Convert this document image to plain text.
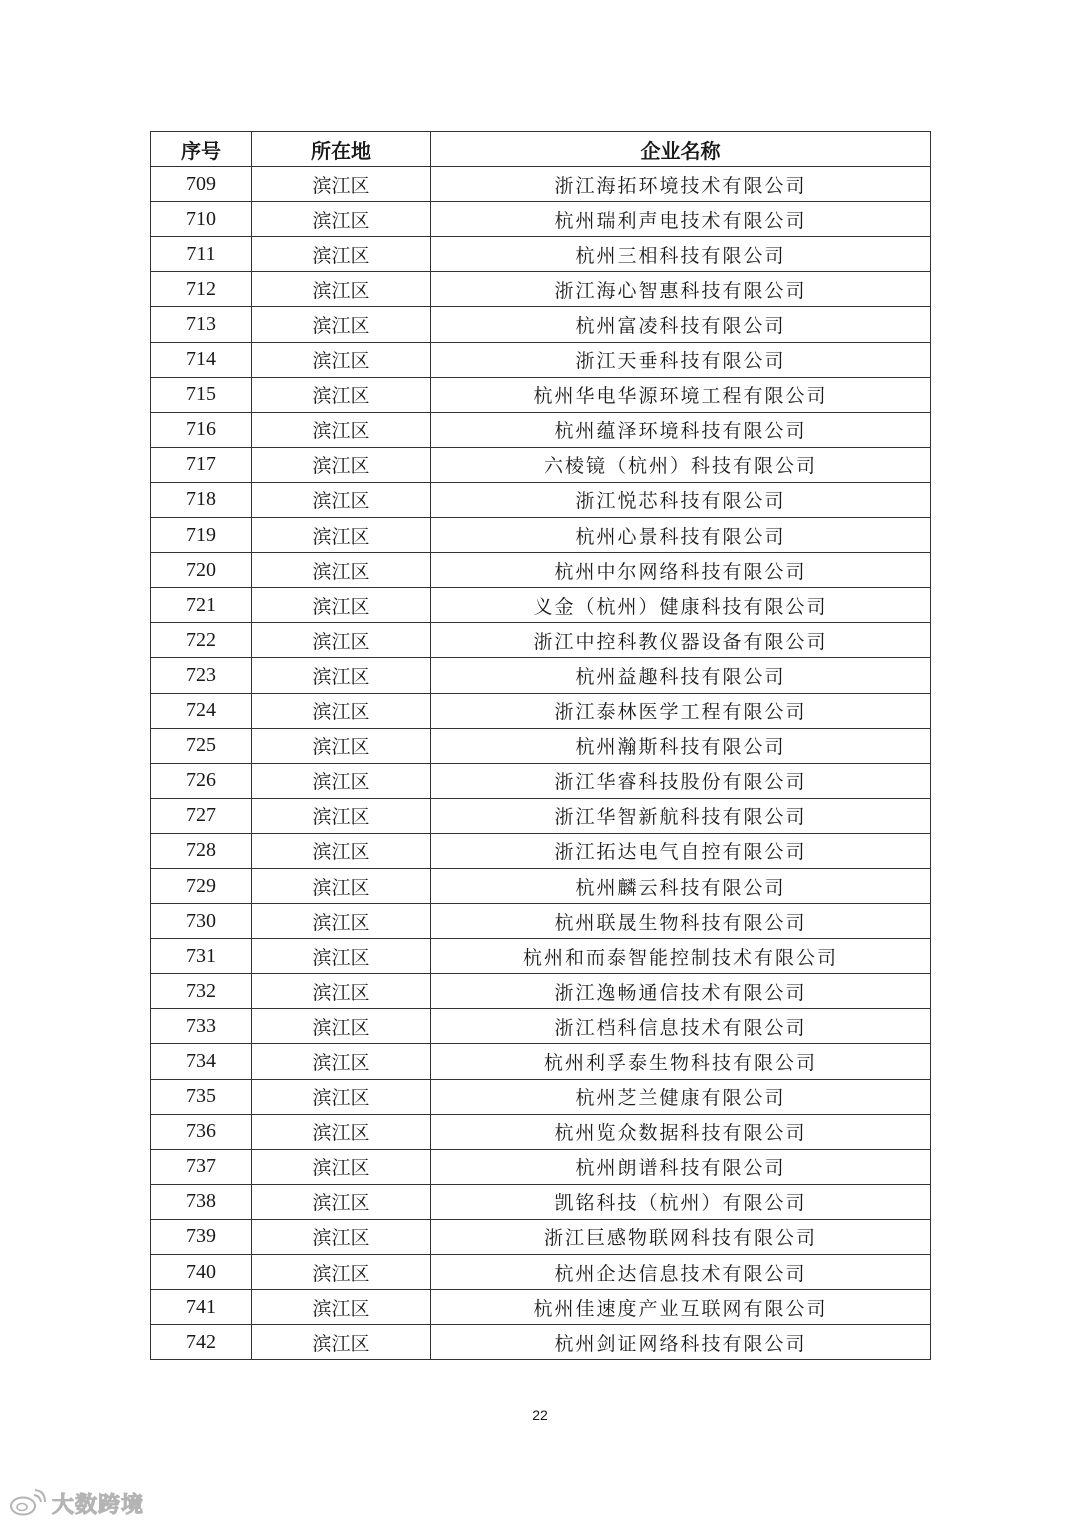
序号	所在地	企业名称
709	滨江区	浙江海拓环境技术有限公司
710	滨江区	杭州瑞利声电技术有限公司
711	滨江区	杭州三相科技有限公司
712	滨江区	浙江海心智惠科技有限公司
713	滨江区	杭州富凌科技有限公司
714	滨江区	浙江天垂科技有限公司
715	滨江区	杭州华电华源环境工程有限公司
716	滨江区	杭州蕴泽环境科技有限公司
717	滨江区	六棱镜（杭州）科技有限公司
718	滨江区	浙江悦芯科技有限公司
719	滨江区	杭州心景科技有限公司
720	滨江区	杭州中尔网络科技有限公司
721	滨江区	义金（杭州）健康科技有限公司
722	滨江区	浙江中控科教仪器设备有限公司
723	滨江区	杭州益趣科技有限公司
724	滨江区	浙江泰林医学工程有限公司
725	滨江区	杭州瀚斯科技有限公司
726	滨江区	浙江华睿科技股份有限公司
727	滨江区	浙江华智新航科技有限公司
728	滨江区	浙江拓达电气自控有限公司
729	滨江区	杭州麟云科技有限公司
730	滨江区	杭州联晟生物科技有限公司
731	滨江区	杭州和而泰智能控制技术有限公司
732	滨江区	浙江逸畅通信技术有限公司
733	滨江区	浙江档科信息技术有限公司
734	滨江区	杭州利孚泰生物科技有限公司
735	滨江区	杭州芝兰健康有限公司
736	滨江区	杭州览众数据科技有限公司
737	滨江区	杭州朗谱科技有限公司
738	滨江区	凯铭科技（杭州）有限公司
739	滨江区	浙江巨感物联网科技有限公司
740	滨江区	杭州企达信息技术有限公司
741	滨江区	杭州佳速度产业互联网有限公司
742	滨江区	杭州剑证网络科技有限公司
22
大数跨境
